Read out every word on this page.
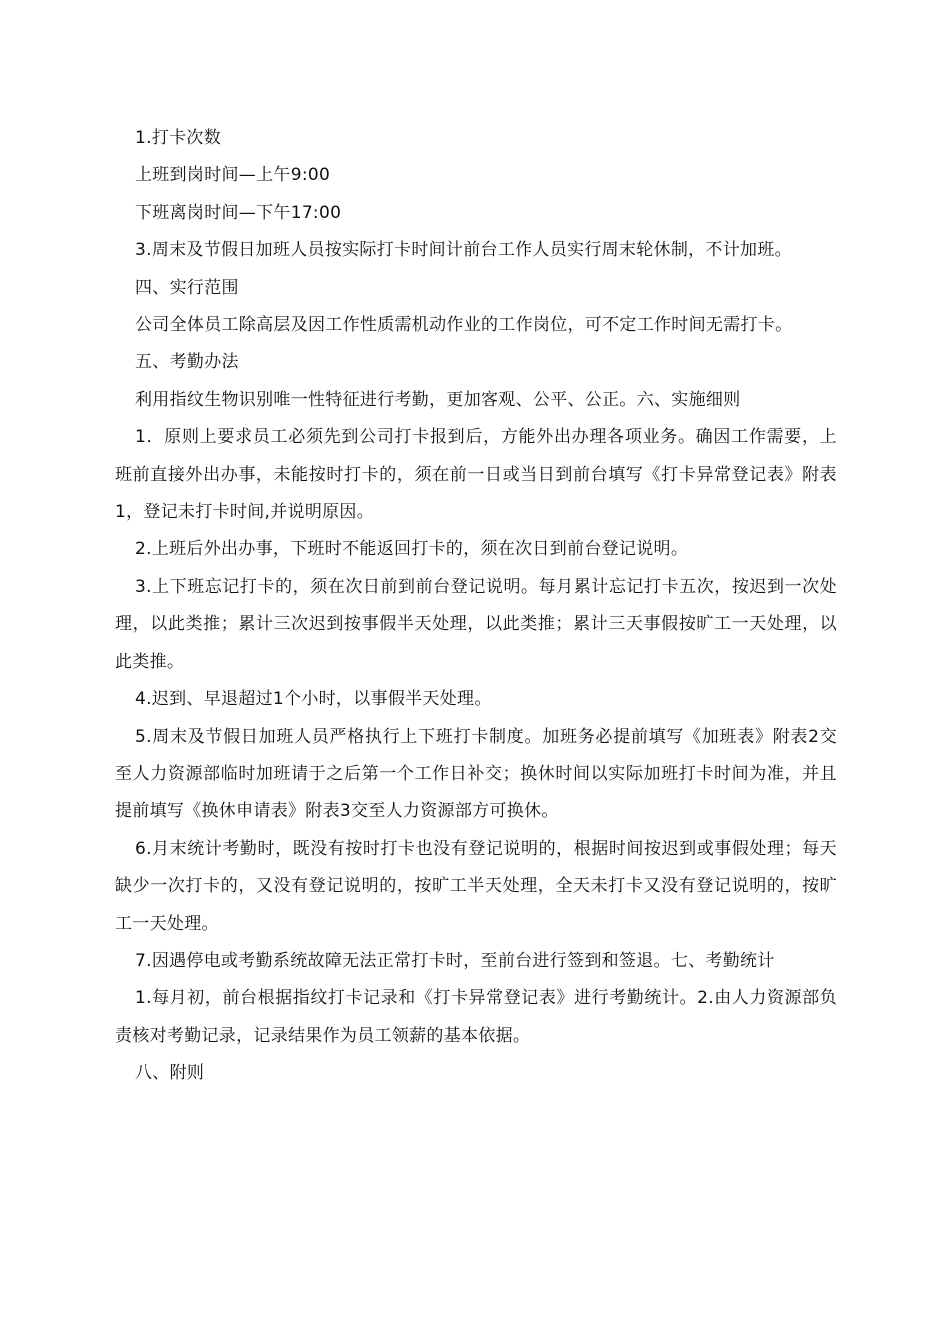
1.打卡次数

上班到岗时间—上午9:00

下班离岗时间—下午17:00

3.周末及节假日加班人员按实际打卡时间计前台工作人员实行周末轮休制，不计加班。

四、实行范围

公司全体员工除高层及因工作性质需机动作业的工作岗位，可不定工作时间无需打卡。

五、考勤办法

利用指纹生物识别唯一性特征进行考勤，更加客观、公平、公正。六、实施细则

1．原则上要求员工必须先到公司打卡报到后，方能外出办理各项业务。确因工作需要，上班前直接外出办事，未能按时打卡的，须在前一日或当日到前台填写《打卡异常登记表》附表1，登记未打卡时间,并说明原因。

2.上班后外出办事，下班时不能返回打卡的，须在次日到前台登记说明。

3.上下班忘记打卡的，须在次日前到前台登记说明。每月累计忘记打卡五次，按迟到一次处理，以此类推；累计三次迟到按事假半天处理，以此类推；累计三天事假按旷工一天处理，以此类推。

4.迟到、早退超过1个小时，以事假半天处理。

5.周末及节假日加班人员严格执行上下班打卡制度。加班务必提前填写《加班表》附表2交至人力资源部临时加班请于之后第一个工作日补交；换休时间以实际加班打卡时间为准，并且提前填写《换休申请表》附表3交至人力资源部方可换休。

6.月末统计考勤时，既没有按时打卡也没有登记说明的，根据时间按迟到或事假处理；每天缺少一次打卡的，又没有登记说明的，按旷工半天处理，全天未打卡又没有登记说明的，按旷工一天处理。

7.因遇停电或考勤系统故障无法正常打卡时，至前台进行签到和签退。七、考勤统计

1.每月初，前台根据指纹打卡记录和《打卡异常登记表》进行考勤统计。2.由人力资源部负责核对考勤记录，记录结果作为员工领薪的基本依据。

八、附则
